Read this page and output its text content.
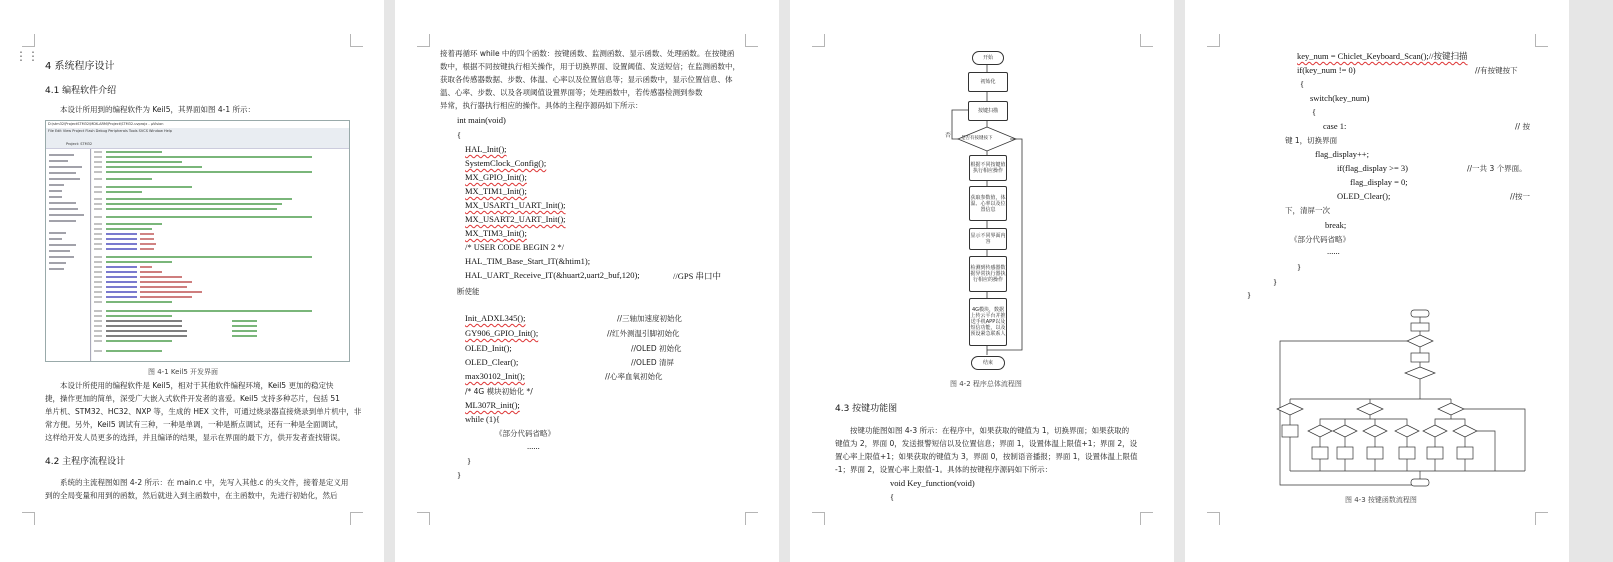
⋮⋮
4 系统程序设计
4.1 编程软件介绍
本设计所用到的编程软件为 Keil5，其界面如图 4-1 所示：
D:\stm32\ProjectSTM32\MDK-ARM\Project\STM32.uvprojx - µVision
File Edit View Project Flash Debug Peripherals Tools SVCS Window Help
Project: STM32
图 4-1 Keil5 开发界面
本设计所使用的编程软件是 Keil5，相对于其他软件编程环境，Keil5 更加的稳定快
捷，操作更加的简单，深受广大嵌入式软件开发者的喜爱。Keil5 支持多种芯片，包括 51
单片机、STM32、HC32、NXP 等，生成的 HEX 文件，可通过烧录器直接烧录到单片机中，非
常方便。另外，Keil5 调试有三种，一种是单调，一种是断点调试，还有一种是全面调试，
这样给开发人员更多的选择，并且编译的结果，显示在界面的最下方，供开发者查找错误。
4.2 主程序流程设计
系统的主流程图如图 4-2 所示：在 main.c 中，先写入其他.c 的头文件，接着是定义用
到的全局变量和用到的函数，然后就进入到主函数中，在主函数中，先进行初始化，然后
接着再循环 while 中的四个函数：按键函数、监测函数、显示函数、处理函数。在按键函
数中，根据不同按键执行相关操作，用于切换界面、设置阈值、发送短信；在监测函数中，
获取各传感器数据、步数、体温、心率以及位置信息等；显示函数中，显示位置信息、体
温、心率、步数、以及各项阈值设置界面等；处理函数中，若传感器检测到参数
异常，执行器执行相应的操作。具体的主程序源码如下所示：
int main(void)
{
HAL_Init();
SystemClock_Config();
MX_GPIO_Init();
MX_TIM1_Init();
MX_USART1_UART_Init();
MX_USART2_UART_Init();
MX_TIM3_Init();
/* USER CODE BEGIN 2 */
HAL_TIM_Base_Start_IT(&htim1);
HAL_UART_Receive_IT(&huart2,uart2_buf,120);	//GPS 串口中
断使能
Init_ADXL345();	//三轴加速度初始化
GY906_GPIO_Init();	//红外测温引脚初始化
OLED_Init();	//OLED 初始化
OLED_Clear();	//OLED 清屏
max30102_Init();	//心率血氧初始化
/* 4G 模块初始化 */
ML307R_init();
while (1){
《部分代码省略》
......
}
}
开始
初始化
按键扫描
是否有按键按下
否
根据不同按键值执行相应操作
获取参数值，体温、心率以及位置信息
显示不同界面内容
检测到传感器数据异常执行器执行相应的操作
4G模块，数据上传云平台并推送手机APP以及短信功能，以及预设紧急联系人
结束
图 4-2 程序总体流程图
4.3 按键功能图
按键功能图如图 4-3 所示：在程序中，如果获取的键值为 1，切换界面；如果获取的
键值为 2，界面 0，发送报警短信以及位置信息；界面 1，设置体温上限值+1；界面 2，设
置心率上限值+1；如果获取的键值为 3，界面 0，按制语音播报；界面 1，设置体温上限值
-1；界面 2，设置心率上限值-1。具体的按键程序源码如下所示：
void Key_function(void)
{
key_num = Chiclet_Keyboard_Scan();//按键扫描
if(key_num != 0)	//有按键按下
{
switch(key_num)
{
case 1:	// 按
键 1，切换界面
flag_display++;
if(flag_display >= 3)	//一共 3 个界面。
flag_display = 0;
OLED_Clear();	//按一
下，清屏一次
break;
《部分代码省略》
......
}
}
}
图 4-3 按键函数流程图
